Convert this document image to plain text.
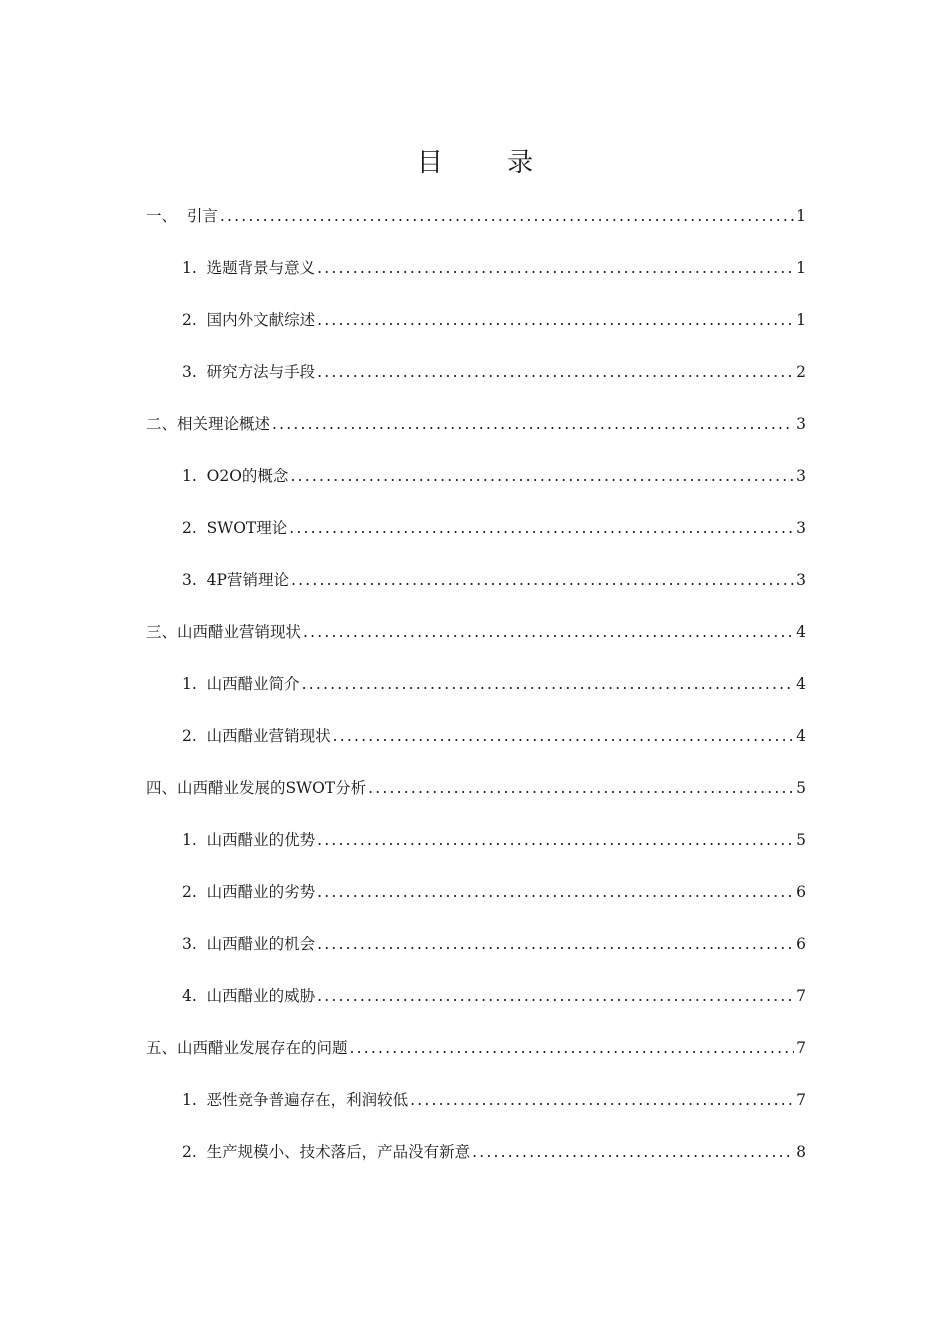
目 录
一、 引言 .....	1
1. 选题背景与意义 .....	1
2. 国内外文献综述 .....	1
3. 研究方法与手段 .....	2
二、 相关理论概述 .....	3
1. O2O的概念 .....	3
2. SWOT理论 .....	3
3. 4P营销理论 .....	3
三、 山西醋业营销现状 .....	4
1. 山西醋业简介 .....	4
2. 山西醋业营销现状 .....	4
四、 山西醋业发展的SWOT分析 .....	5
1. 山西醋业的优势 .....	5
2. 山西醋业的劣势 .....	6
3. 山西醋业的机会 .....	6
4. 山西醋业的威胁 .....	7
五、 山西醋业发展存在的问题 .....	7
1. 恶性竞争普遍存在，利润较低 .....	7
2. 生产规模小、技术落后，产品没有新意 .....	8
